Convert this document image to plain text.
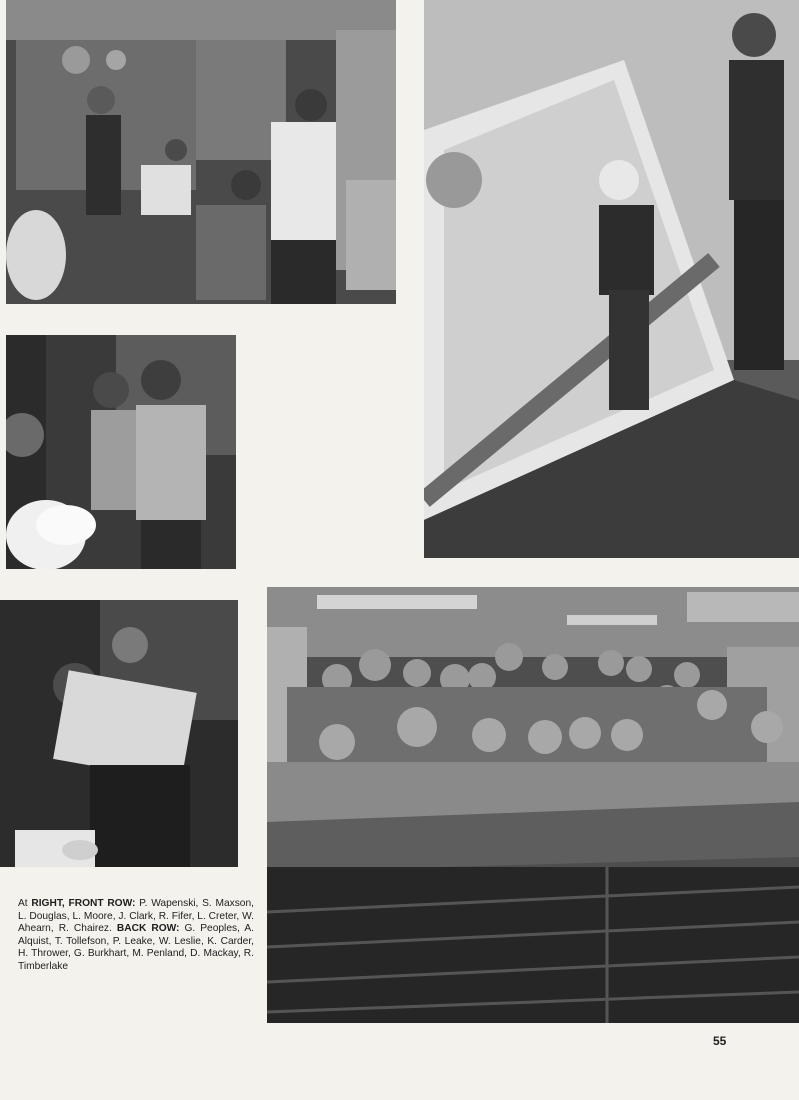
At RIGHT, FRONT ROW: P. Wapenski, S. Maxson, L. Douglas, L. Moore, J. Clark, R. Fifer, L. Creter, W. Ahearn, R. Chairez. BACK ROW: G. Peoples, A. Alquist, T. Tollefson, P. Leake, W. Leslie, K. Carder, H. Thrower, G. Burkhart, M. Penland, D. Mackay, R. Timberlake
55
